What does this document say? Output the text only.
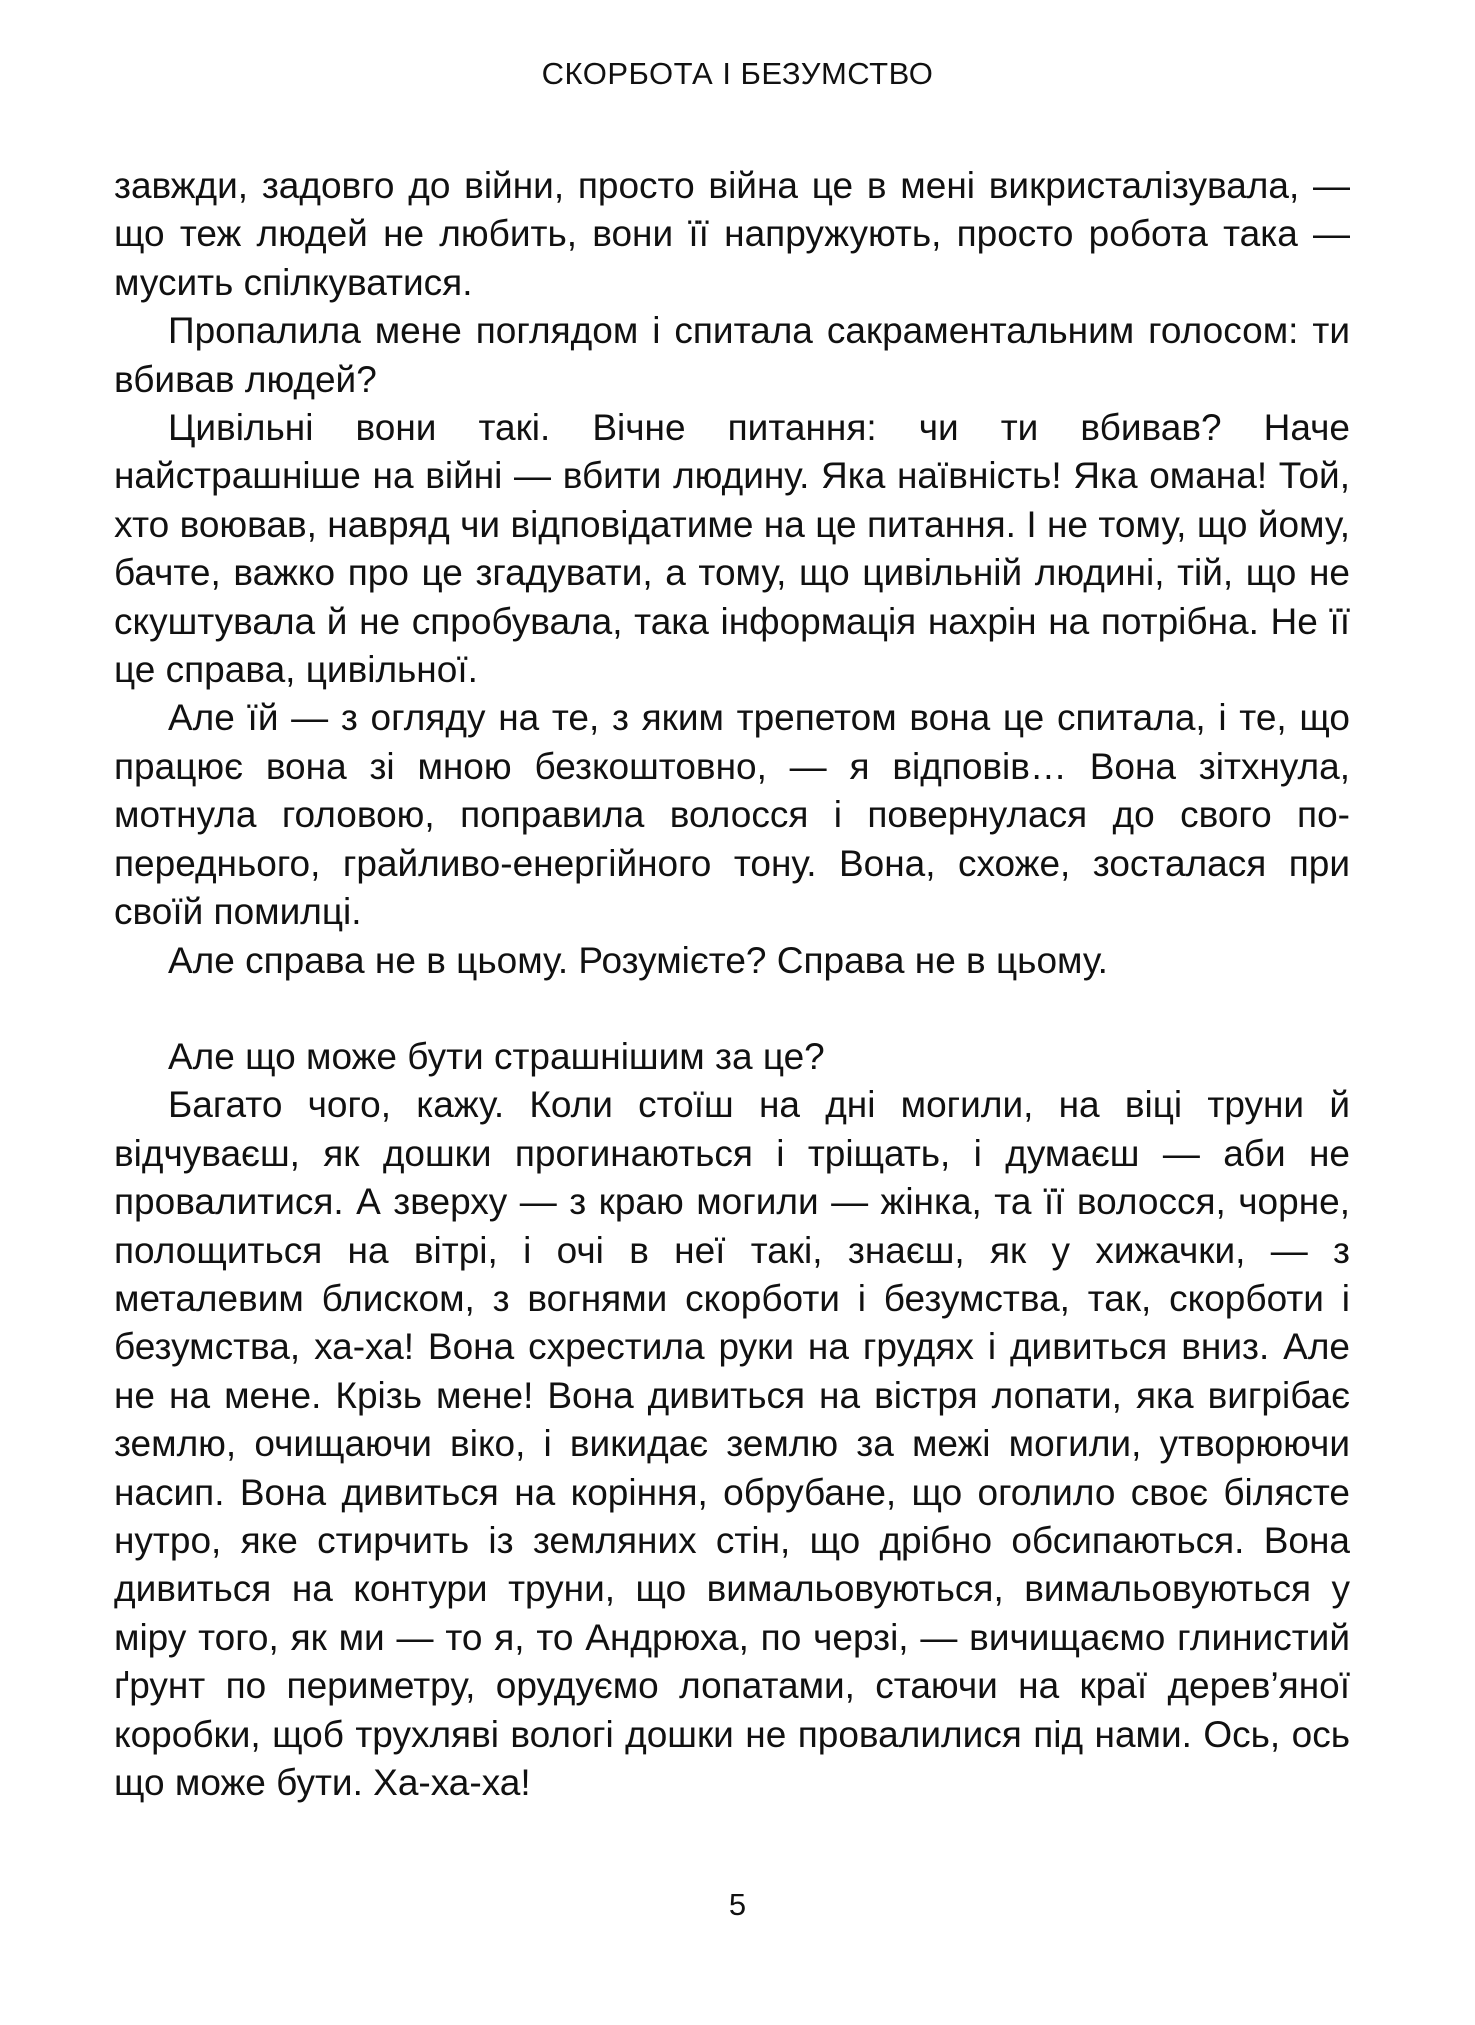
СКОРБОТА І БЕЗУМСТВО

завжди, задовго до війни, просто війна це в мені викристалізувала, — що теж людей не любить, вони її напружують, просто робота така — мусить спілкуватися.

Пропалила мене поглядом і спитала сакраментальним голосом: ти вбивав людей?

Цивільні вони такі. Вічне питання: чи ти вбивав? Наче найстрашніше на війні — вбити людину. Яка наївність! Яка омана! Той, хто воював, навряд чи відповідатиме на це питання. І не тому, що йому, бачте, важко про це згадувати, а тому, що цивільній людині, тій, що не скуштувала й не спробувала, така інформація нахрін на потрібна. Не її це справа, цивільної.

Але їй — з огляду на те, з яким трепетом вона це спитала, і те, що працює вона зі мною безкоштовно, — я відповів… Вона зітхнула, мотнула головою, поправила волосся і повернулася до свого попереднього, грайливо-енергійного тону. Вона, схоже, зосталася при своїй помилці.

Але справа не в цьому. Розумієте? Справа не в цьому.

Але що може бути страшнішим за це?

Багато чого, кажу. Коли стоїш на дні могили, на віці труни й відчуваєш, як дошки прогинаються і тріщать, і думаєш — аби не провалитися. А зверху — з краю могили — жінка, та її волосся, чорне, полощиться на вітрі, і очі в неї такі, знаєш, як у хижачки, — з металевим блиском, з вогнями скорботи і безумства, так, скорботи і безумства, ха-ха! Вона схрестила руки на грудях і дивиться вниз. Але не на мене. Крізь мене! Вона дивиться на вістря лопати, яка вигрібає землю, очищаючи віко, і викидає землю за межі могили, утворюючи насип. Вона дивиться на коріння, обрубане, що оголило своє білясте нутро, яке стирчить із земляних стін, що дрібно обсипаються. Вона дивиться на контури труни, що вимальовуються, вимальовуються у міру того, як ми — то я, то Андрюха, по черзі, — вичищаємо глинистий ґрунт по периметру, орудуємо лопатами, стаючи на краї дерев’яної коробки, щоб трухляві вологі дошки не провалилися під нами. Ось, ось що може бути. Ха-ха-ха!

5
